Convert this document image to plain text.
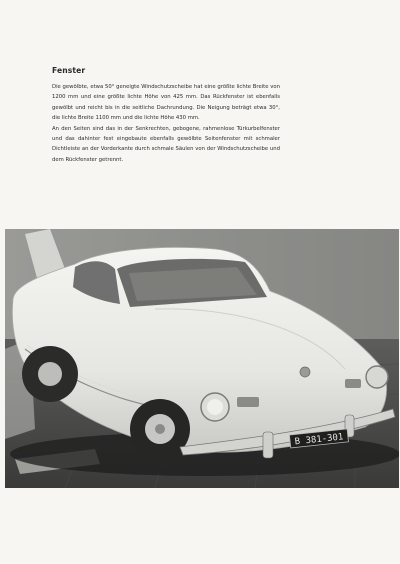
Fenster

Die gewölbte, etwa 50° geneigte Windschutzscheibe hat eine größte lichte Breite von 1200 mm und eine größte lichte Höhe von 425 mm. Das Rückfenster ist ebenfalls gewölbt und reicht bis in die seitliche Dachrundung. Die Neigung beträgt etwa 30°, die lichte Breite 1100 mm und die lichte Höhe 430 mm.

An den Seiten sind das in der Senkrechten, gebogene, rahmenlose Türkurbelfenster und das dahinter fest eingebaute ebenfalls gewölbte Seitenfenster mit schmaler Dichtleiste an der Vorderkante durch schmale Säulen von der Windschutzscheibe und dem Rückfenster getrennt.

B 381-301
